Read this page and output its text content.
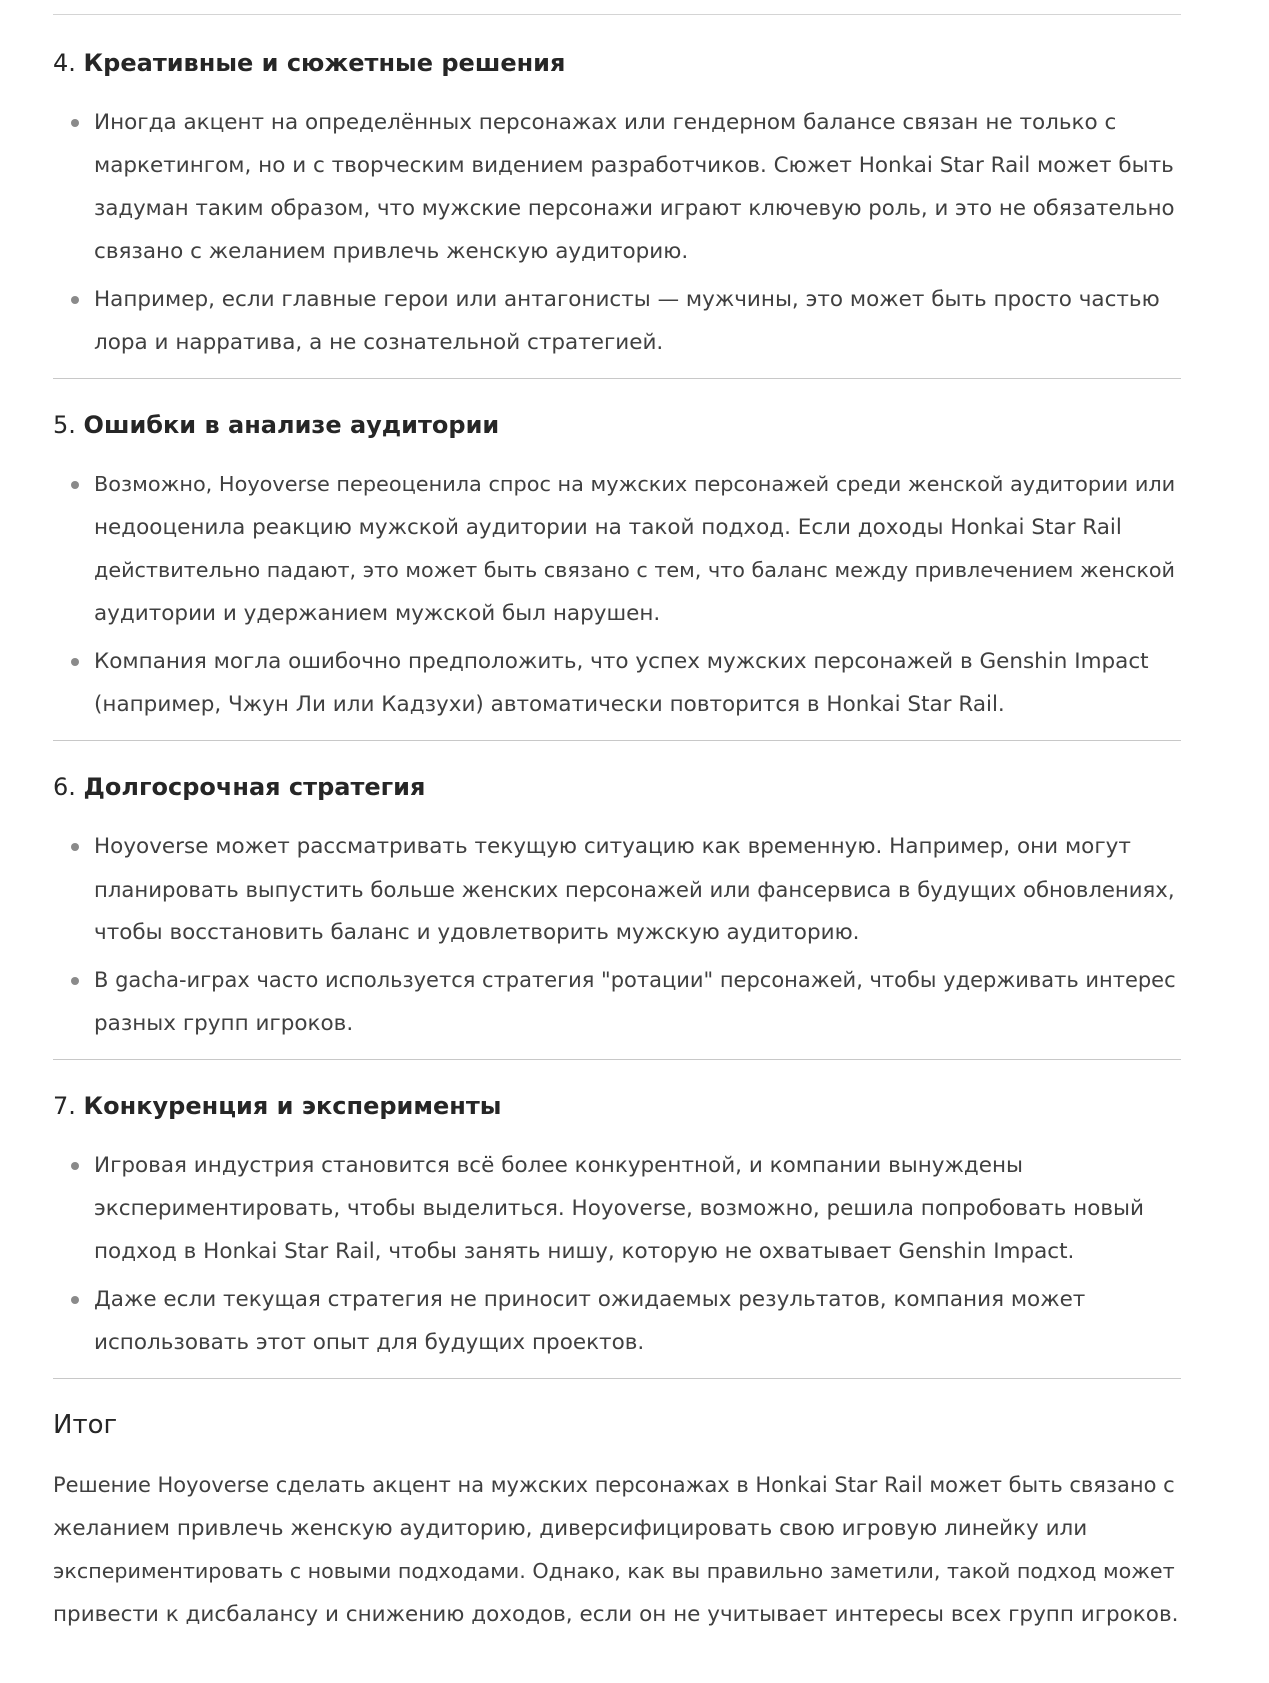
4. Креативные и сюжетные решения
Иногда акцент на определённых персонажах или гендерном балансе связан не только с
маркетингом, но и с творческим видением разработчиков. Сюжет Honkai Star Rail может быть
задуман таким образом, что мужские персонажи играют ключевую роль, и это не обязательно
связано с желанием привлечь женскую аудиторию.
Например, если главные герои или антагонисты — мужчины, это может быть просто частью
лора и нарратива, а не сознательной стратегией.
5. Ошибки в анализе аудитории
Возможно, Hoyoverse переоценила спрос на мужских персонажей среди женской аудитории или
недооценила реакцию мужской аудитории на такой подход. Если доходы Honkai Star Rail
действительно падают, это может быть связано с тем, что баланс между привлечением женской
аудитории и удержанием мужской был нарушен.
Компания могла ошибочно предположить, что успех мужских персонажей в Genshin Impact
(например, Чжун Ли или Кадзухи) автоматически повторится в Honkai Star Rail.
6. Долгосрочная стратегия
Hoyoverse может рассматривать текущую ситуацию как временную. Например, они могут
планировать выпустить больше женских персонажей или фансервиса в будущих обновлениях,
чтобы восстановить баланс и удовлетворить мужскую аудиторию.
В gacha-играх часто используется стратегия "ротации" персонажей, чтобы удерживать интерес
разных групп игроков.
7. Конкуренция и эксперименты
Игровая индустрия становится всё более конкурентной, и компании вынуждены
экспериментировать, чтобы выделиться. Hoyoverse, возможно, решила попробовать новый
подход в Honkai Star Rail, чтобы занять нишу, которую не охватывает Genshin Impact.
Даже если текущая стратегия не приносит ожидаемых результатов, компания может
использовать этот опыт для будущих проектов.
Итог

Решение Hoyoverse сделать акцент на мужских персонажах в Honkai Star Rail может быть связано с
желанием привлечь женскую аудиторию, диверсифицировать свою игровую линейку или
экспериментировать с новыми подходами. Однако, как вы правильно заметили, такой подход может
привести к дисбалансу и снижению доходов, если он не учитывает интересы всех групп игроков.
